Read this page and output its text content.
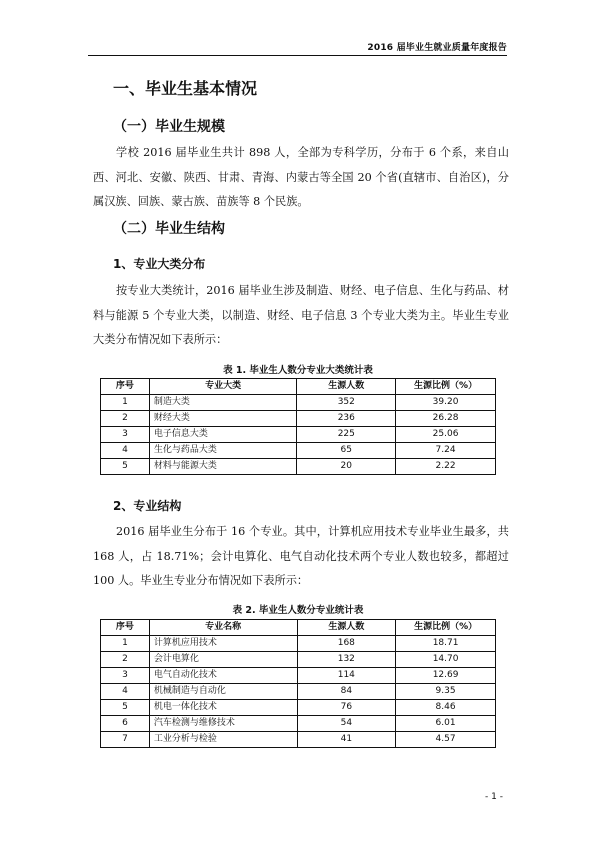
2016 届毕业生就业质量年度报告
一、毕业生基本情况
（一）毕业生规模

学校 2016 届毕业生共计 898 人，全部为专科学历，分布于 6 个系，来自山西、河北、安徽、陕西、甘肃、青海、内蒙古等全国 20 个省(直辖市、自治区)，分属汉族、回族、蒙古族、苗族等 8 个民族。

（二）毕业生结构
1、专业大类分布

按专业大类统计，2016 届毕业生涉及制造、财经、电子信息、生化与药品、材料与能源 5 个专业大类，以制造、财经、电子信息 3 个专业大类为主。毕业生专业大类分布情况如下表所示：

表 1. 毕业生人数分专业大类统计表
序号	专业大类	生源人数	生源比例（%）
1	制造大类	352	39.20
2	财经大类	236	26.28
3	电子信息大类	225	25.06
4	生化与药品大类	65	7.24
5	材料与能源大类	20	2.22
2、专业结构

2016 届毕业生分布于 16 个专业。其中，计算机应用技术专业毕业生最多，共 168 人，占 18.71%；会计电算化、电气自动化技术两个专业人数也较多，都超过 100 人。毕业生专业分布情况如下表所示：

表 2. 毕业生人数分专业统计表
序号	专业名称	生源人数	生源比例（%）
1	计算机应用技术	168	18.71
2	会计电算化	132	14.70
3	电气自动化技术	114	12.69
4	机械制造与自动化	84	9.35
5	机电一体化技术	76	8.46
6	汽车检测与维修技术	54	6.01
7	工业分析与检验	41	4.57
- 1 -
